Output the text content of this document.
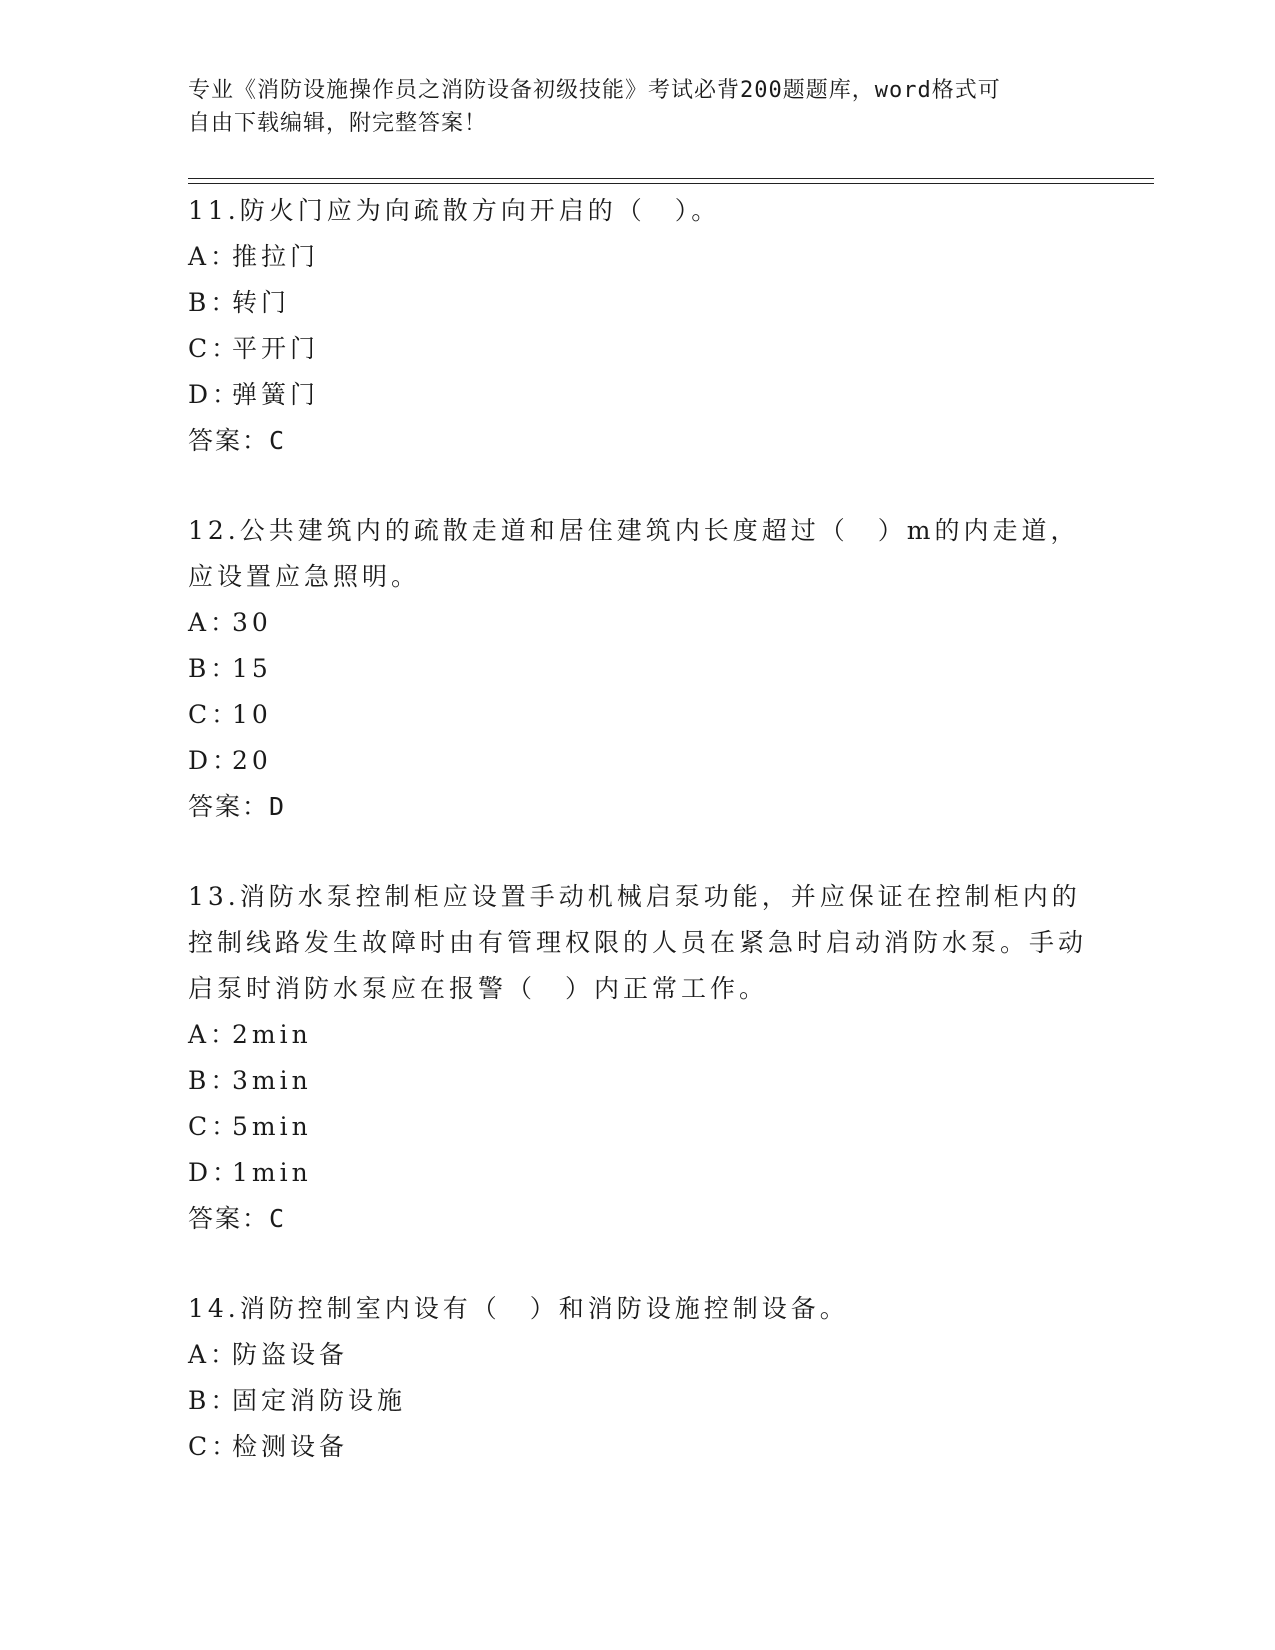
专业《消防设施操作员之消防设备初级技能》考试必背200题题库，word格式可
自由下载编辑，附完整答案！

11.防火门应为向疏散方向开启的（　）。

A：推拉门

B：转门

C：平开门

D：弹簧门

答案：C

12.公共建筑内的疏散走道和居住建筑内长度超过（　）m的内走道，应设置应急照明。

A：30

B：15

C：10

D：20

答案：D

13.消防水泵控制柜应设置手动机械启泵功能，并应保证在控制柜内的控制线路发生故障时由有管理权限的人员在紧急时启动消防水泵。手动启泵时消防水泵应在报警（　）内正常工作。

A：2min

B：3min

C：5min

D：1min

答案：C

14.消防控制室内设有（　）和消防设施控制设备。

A：防盗设备

B：固定消防设施

C：检测设备
